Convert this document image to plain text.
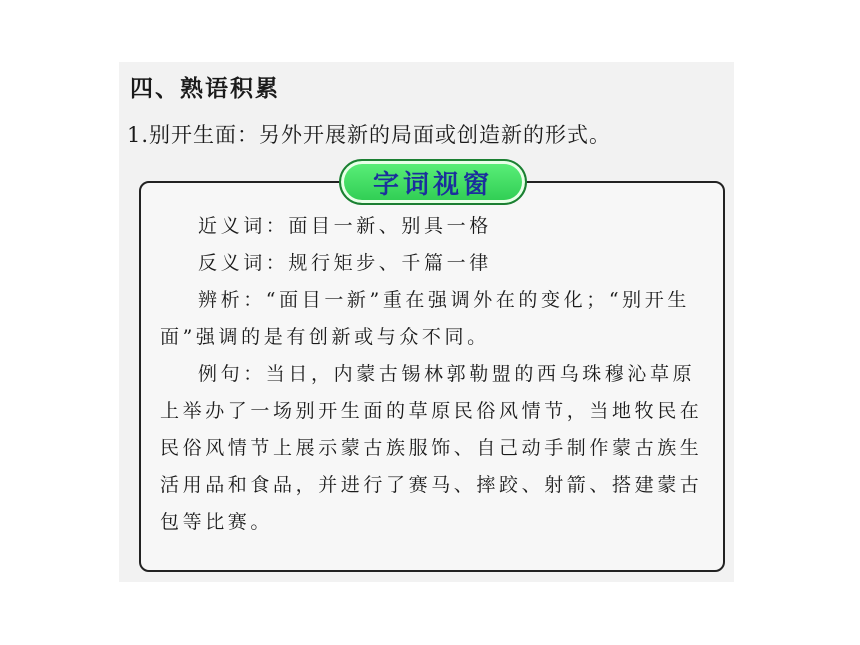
四、熟语积累
1.别开生面：另外开展新的局面或创造新的形式。
字词视窗

近义词：面目一新、别具一格

反义词：规行矩步、千篇一律

辨析：“面目一新”重在强调外在的变化；“别开生面”强调的是有创新或与众不同。

例句：当日，内蒙古锡林郭勒盟的西乌珠穆沁草原上举办了一场别开生面的草原民俗风情节，当地牧民在民俗风情节上展示蒙古族服饰、自己动手制作蒙古族生活用品和食品，并进行了赛马、摔跤、射箭、搭建蒙古包等比赛。
